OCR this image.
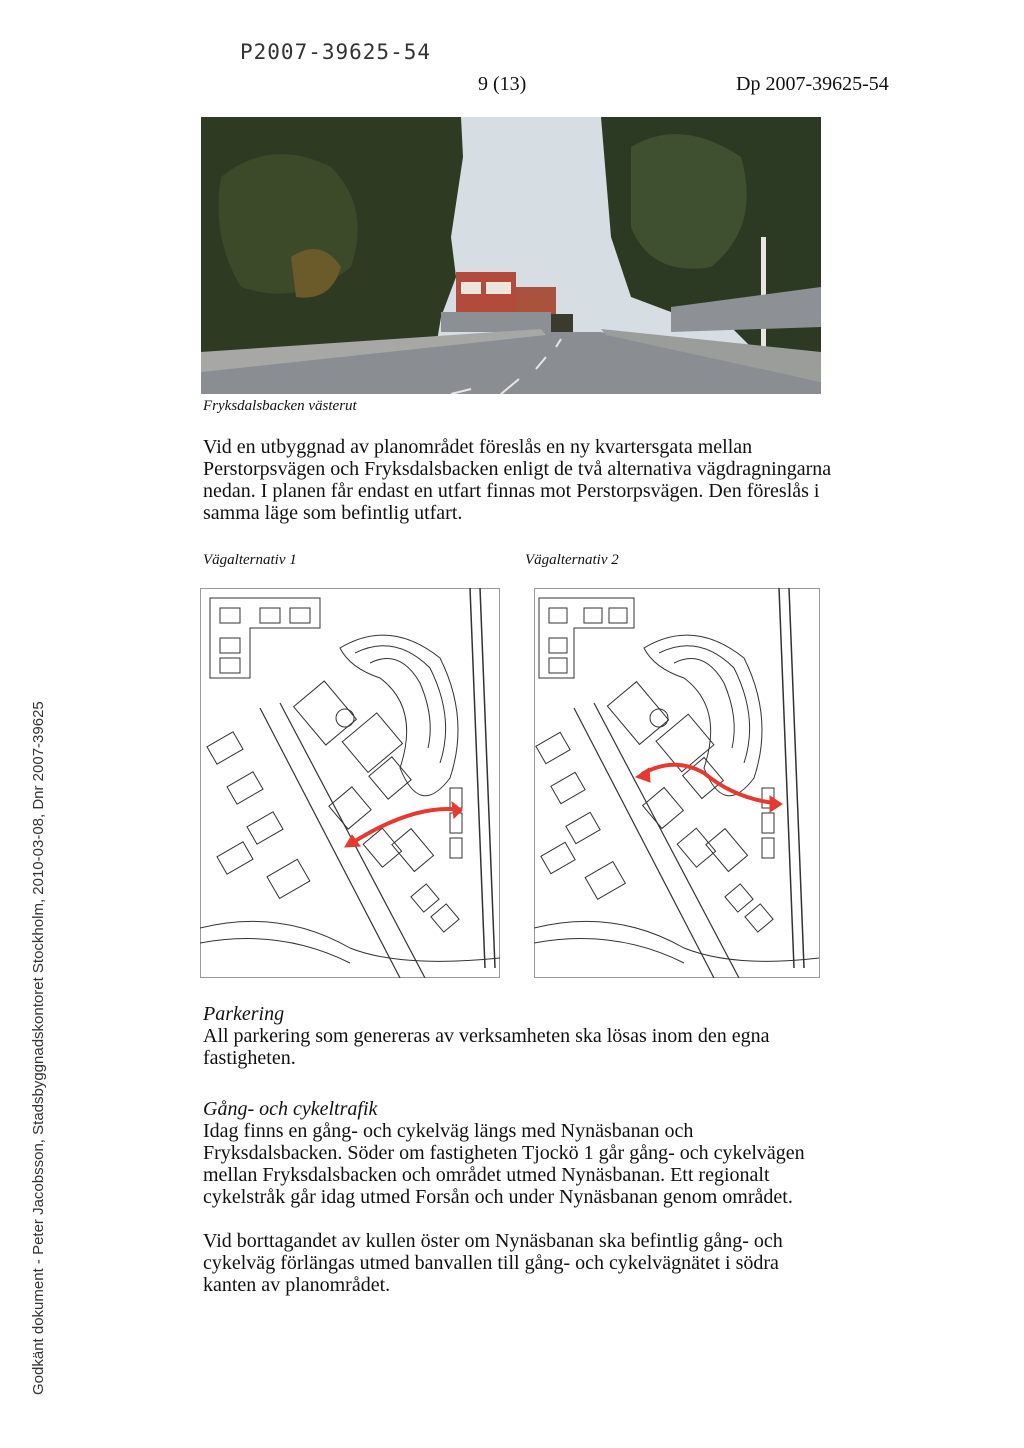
P2007-39625-54
9 (13)	Dp 2007-39625-54
Fryksdalsbacken västerut

Vid en utbyggnad av planområdet föreslås en ny kvartersgata mellan Perstorpsvägen och Fryksdalsbacken enligt de två alternativa vägdragningarna nedan. I planen får endast en utfart finnas mot Perstorpsvägen. Den föreslås i samma läge som befintlig utfart.

Vägalternativ 1	Vägalternativ 2
Parkering

All parkering som genereras av verksamheten ska lösas inom den egna fastigheten.

Gång- och cykeltrafik

Idag finns en gång- och cykelväg längs med Nynäsbanan och Fryksdalsbacken. Söder om fastigheten Tjockö 1 går gång- och cykelvägen mellan Fryksdalsbacken och området utmed Nynäsbanan. Ett regionalt cykelstråk går idag utmed Forsån och under Nynäsbanan genom området.

Vid borttagandet av kullen öster om Nynäsbanan ska befintlig gång- och cykelväg förlängas utmed banvallen till gång- och cykelvägnätet i södra kanten av planområdet.

Godkänt dokument - Peter Jacobsson, Stadsbyggnadskontoret Stockholm, 2010-03-08, Dnr 2007-39625
